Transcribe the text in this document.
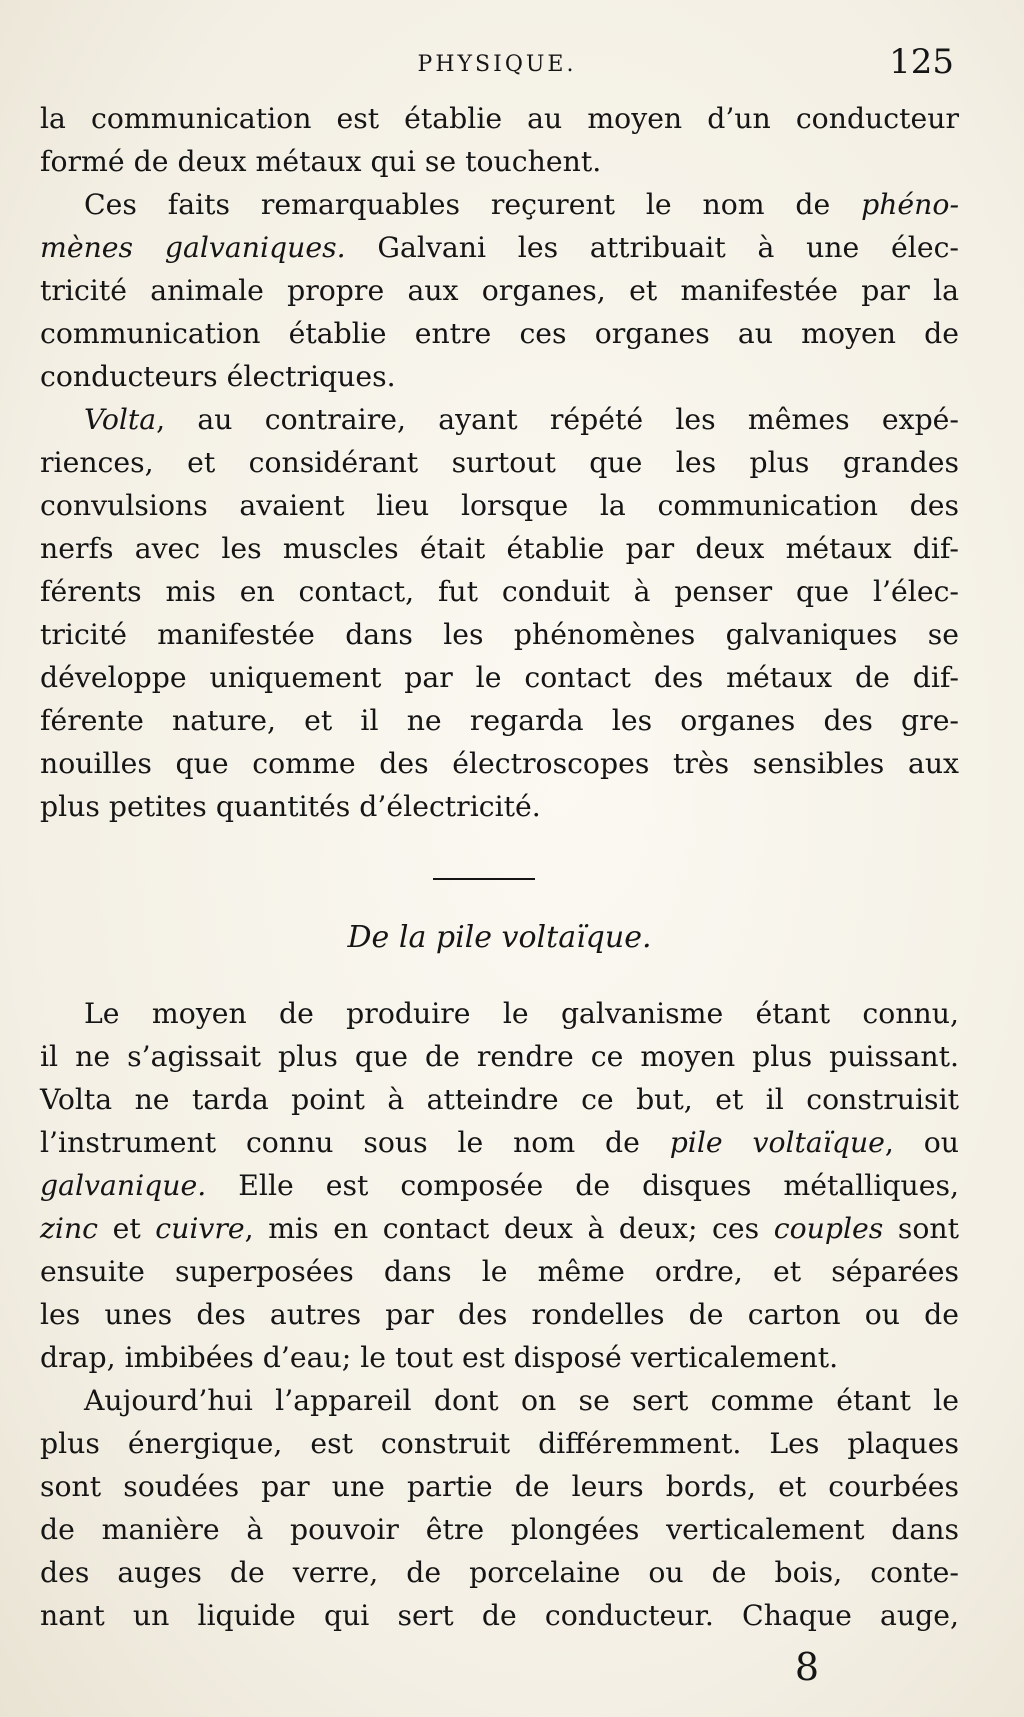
PHYSIQUE.	125
la communication est établie au moyen d’un conducteur
formé de deux métaux qui se touchent.
Ces faits remarquables reçurent le nom de phéno-
mènes galvaniques. Galvani les attribuait à une élec-
tricité animale propre aux organes, et manifestée par la
communication établie entre ces organes au moyen de
conducteurs électriques.
Volta, au contraire, ayant répété les mêmes expé-
riences, et considérant surtout que les plus grandes
convulsions avaient lieu lorsque la communication des
nerfs avec les muscles était établie par deux métaux dif-
férents mis en contact, fut conduit à penser que l’élec-
tricité manifestée dans les phénomènes galvaniques se
développe uniquement par le contact des métaux de dif-
férente nature, et il ne regarda les organes des gre-
nouilles que comme des électroscopes très sensibles aux
plus petites quantités d’électricité.
De la pile voltaïque.
Le moyen de produire le galvanisme étant connu,
il ne s’agissait plus que de rendre ce moyen plus puissant.
Volta ne tarda point à atteindre ce but, et il construisit
l’instrument connu sous le nom de pile voltaïque, ou
galvanique. Elle est composée de disques métalliques,
zinc et cuivre, mis en contact deux à deux; ces couples sont
ensuite superposées dans le même ordre, et séparées
les unes des autres par des rondelles de carton ou de
drap, imbibées d’eau; le tout est disposé verticalement.
Aujourd’hui l’appareil dont on se sert comme étant le
plus énergique, est construit différemment. Les plaques
sont soudées par une partie de leurs bords, et courbées
de manière à pouvoir être plongées verticalement dans
des auges de verre, de porcelaine ou de bois, conte-
nant un liquide qui sert de conducteur. Chaque auge,
8
